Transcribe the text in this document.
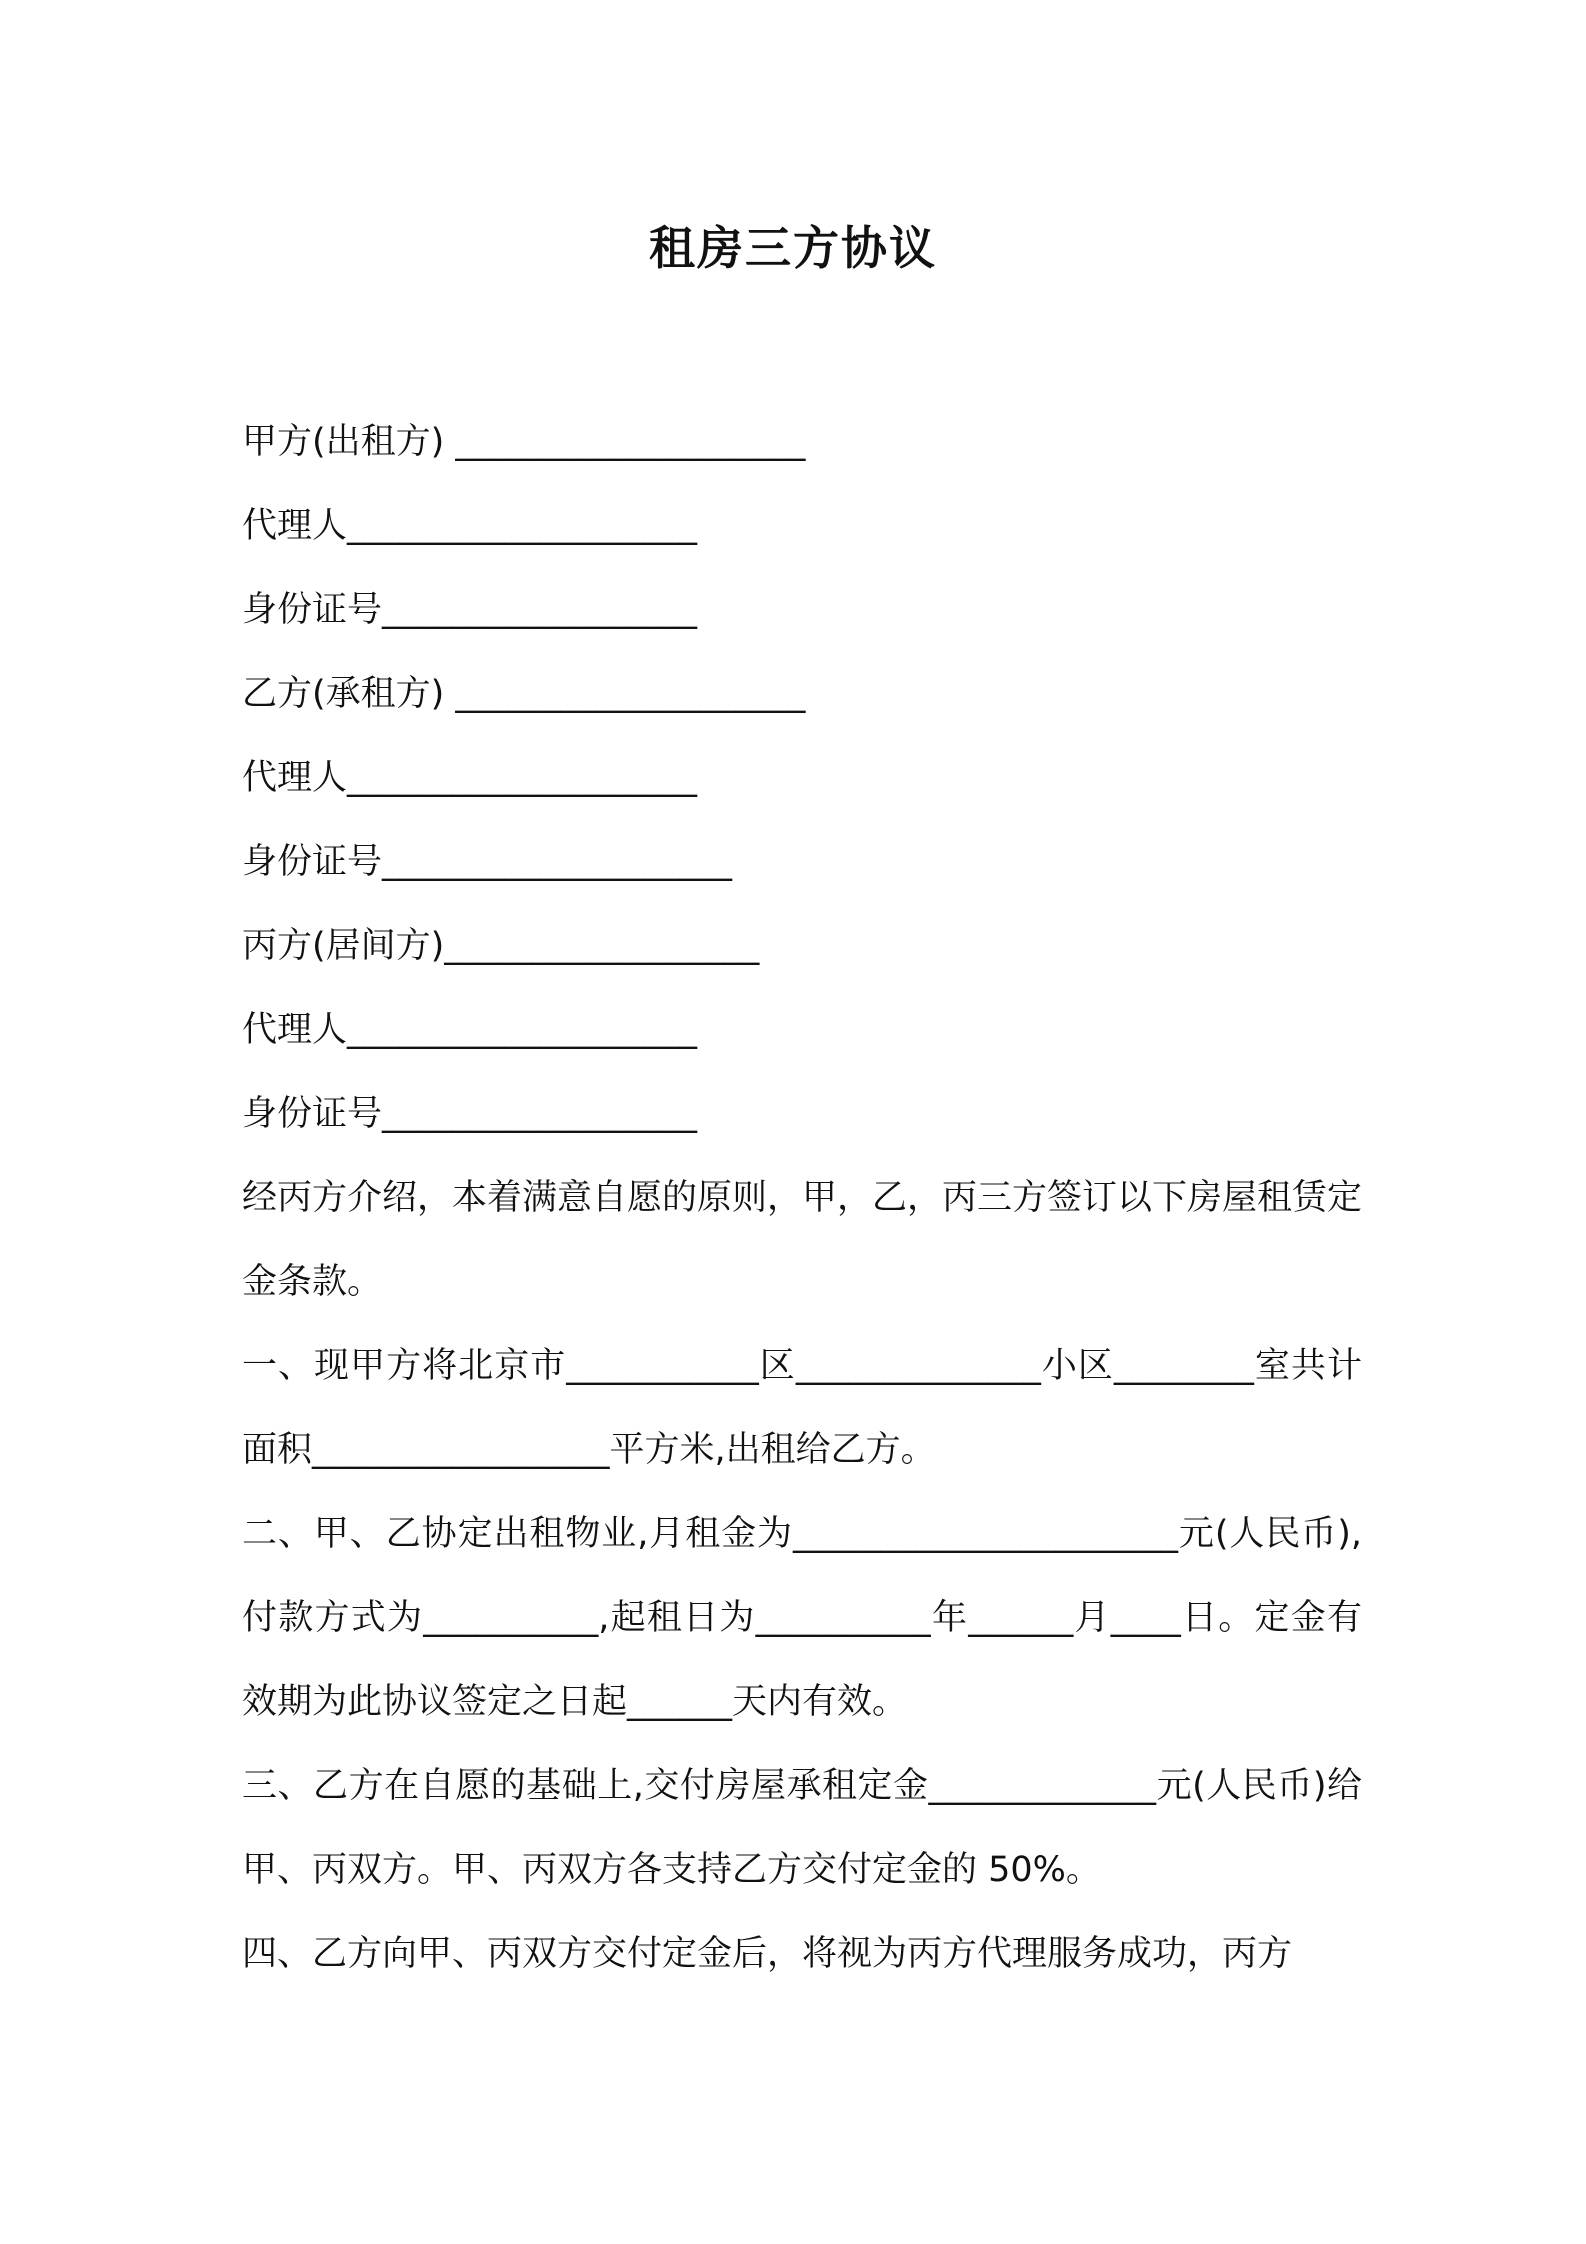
租房三方协议
甲方(出租方) ____________________
代理人____________________
身份证号__________________
乙方(承租方) ____________________
代理人____________________
身份证号____________________
丙方(居间方)__________________
代理人____________________
身份证号__________________
经丙方介绍，本着满意自愿的原则，甲，乙，丙三方签订以下房屋租赁定金条款。
一、现甲方将北京市___________区______________小区________室共计面积_________________平方米,出租给乙方。
二、甲、乙协定出租物业,月租金为______________________元(人民币),付款方式为__________,起租日为__________年______月____日。定金有效期为此协议签定之日起______天内有效。
三、乙方在自愿的基础上,交付房屋承租定金_____________元(人民币)给甲、丙双方。甲、丙双方各支持乙方交付定金的 50%。
四、乙方向甲、丙双方交付定金后，将视为丙方代理服务成功，丙方
